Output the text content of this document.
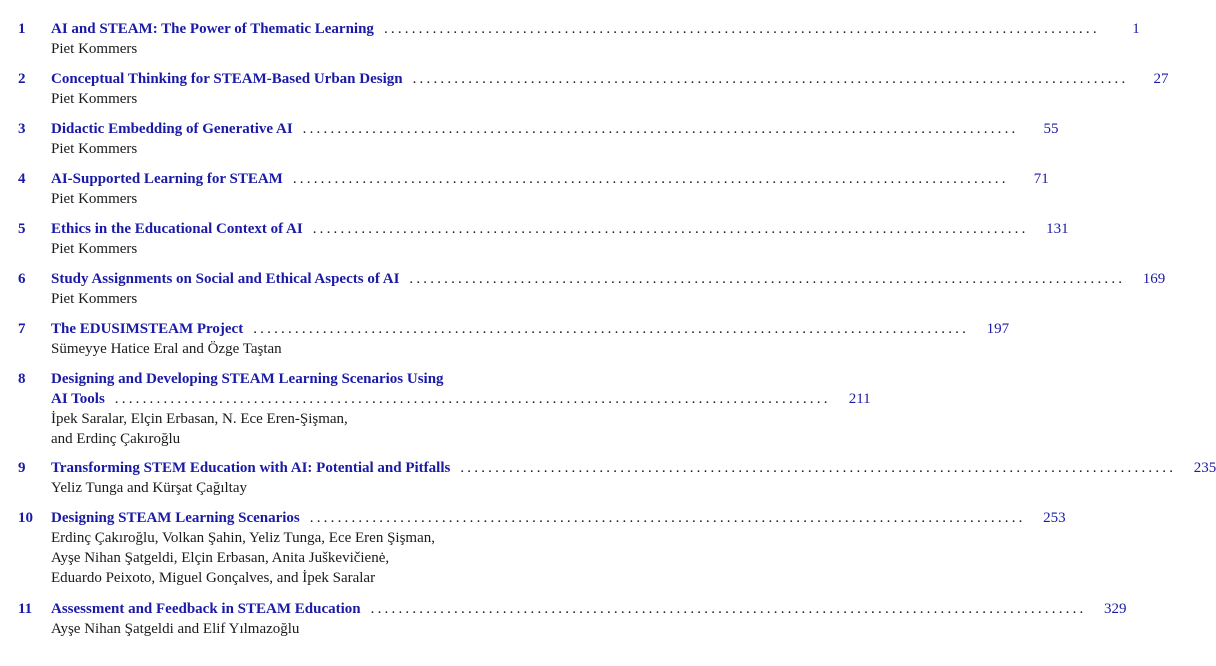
1 AI and STEAM: The Power of Thematic Learning .......................................................................................................	1
Piet Kommers
2 Conceptual Thinking for STEAM-Based Urban Design .......................................................................................................	27
Piet Kommers
3 Didactic Embedding of Generative AI .......................................................................................................	55
Piet Kommers
4 AI-Supported Learning for STEAM .......................................................................................................	71
Piet Kommers
5 Ethics in the Educational Context of AI .......................................................................................................	131
Piet Kommers
6 Study Assignments on Social and Ethical Aspects of AI .......................................................................................................	169
Piet Kommers
7 The EDUSIMSTEAM Project .......................................................................................................	197
Sümeyye Hatice Eral and Özge Taştan
8 Designing and Developing STEAM Learning Scenarios Using
AI Tools .......................................................................................................	211
İpek Saralar, Elçin Erbasan, N. Ece Eren-Şişman,
and Erdinç Çakıroğlu
9 Transforming STEM Education with AI: Potential and Pitfalls .......................................................................................................	235
Yeliz Tunga and Kürşat Çağıltay
10 Designing STEAM Learning Scenarios .......................................................................................................	253
Erdinç Çakıroğlu, Volkan Şahin, Yeliz Tunga, Ece Eren Şişman,
Ayşe Nihan Şatgeldi, Elçin Erbasan, Anita Juškevičienė,
Eduardo Peixoto, Miguel Gonçalves, and İpek Saralar
11 Assessment and Feedback in STEAM Education .......................................................................................................	329
Ayşe Nihan Şatgeldi and Elif Yılmazoğlu
